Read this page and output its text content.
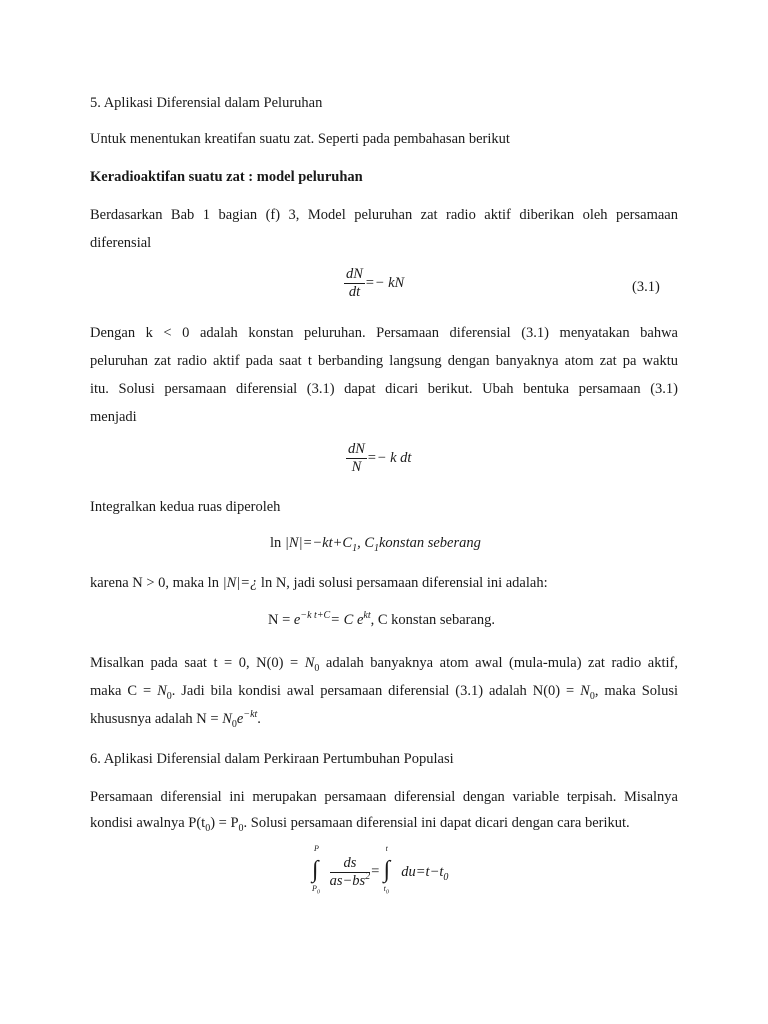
5. Aplikasi Diferensial dalam Peluruhan
Untuk menentukan kreatifan suatu zat. Seperti pada pembahasan berikut
Keradioaktifan suatu zat : model peluruhan
Berdasarkan Bab 1 bagian (f) 3, Model peluruhan zat radio aktif diberikan oleh persamaan
diferensial
$\frac{dN}{dt}$ =− kN	(3.1)
Dengan k < 0 adalah konstan peluruhan. Persamaan diferensial (3.1) menyatakan bahwa
peluruhan zat radio aktif pada saat t berbanding langsung dengan banyaknya atom zat pa waktu
itu. Solusi persamaan diferensial (3.1) dapat dicari berikut. Ubah bentuka persamaan (3.1)
menjadi
$\frac{dN}{N} =- k$ dt
Integralkan kedua ruas diperoleh
$\ln |N|=-kt+C_1$, $C_1konstan$ seberang
karena N > 0, maka ln |N|=¿ ln N, jadi solusi persamaan diferensial ini adalah:
$N = e^{-k t+C}= C$ $e^{kt}$, C konstan sebarang.
Misalkan pada saat t = 0, $N(0) = N_0$ adalah banyaknya atom awal (mula-mula) zat radio aktif,
maka $C = N_0$. Jadi bila kondisi awal persamaan diferensial (3.1) adalah $N(0) = N_0$, maka Solusi
khususnya adalah $N = N_0e^{-kt}$.
6. Aplikasi Diferensial dalam Perkiraan Pertumbuhan Populasi
Persamaan diferensial ini merupakan persamaan diferensial dengan variable terpisah. Misalnya
kondisi awalnya $P(t_0) = P_0$. Solusi persamaan diferensial ini dapat dicari dengan cara berikut.
∫
P
$P_0$

$\frac{ds}{as-bs^2}$ = ∫
t
$t_0$
$du=t-t_0$
